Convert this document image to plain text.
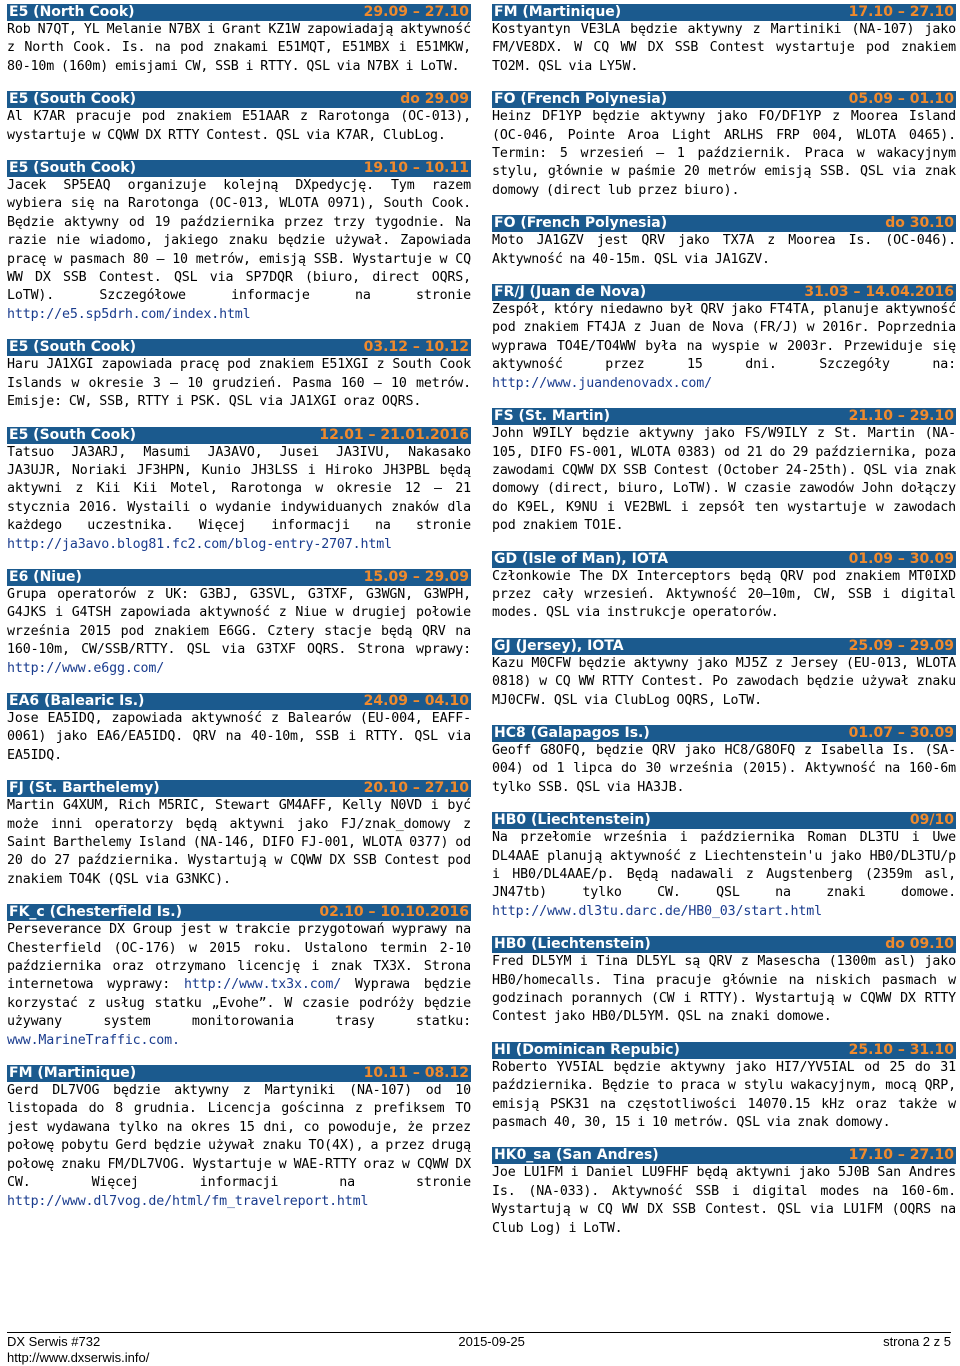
E5 (North Cook)	29.09 – 27.10
Rob N7QT, YL Melanie N7BX i Grant KZ1W zapowiadają aktywność z North Cook. Is. na pod znakami E51MQT, E51MBX i E51MKW, 80-10m (160m) emisjami CW, SSB i RTTY. QSL via N7BX i LoTW.
E5 (South Cook)	do 29.09
Al K7AR pracuje pod znakiem E51AAR z Rarotonga (OC-013), wystartuje w CQWW DX RTTY Contest. QSL via K7AR, ClubLog.
E5 (South Cook)	19.10 – 10.11
Jacek SP5EAQ organizuje kolejną DXpedycję. Tym razem wybiera się na Rarotonga (OC-013, WLOTA 0971), South Cook. Będzie aktywny od 19 października przez trzy tygodnie. Na razie nie wiadomo, jakiego znaku będzie używał. Zapowiada pracę w pasmach 80 – 10 metrów, emisją SSB. Wystartuje w CQ WW DX SSB Contest. QSL via SP7DQR (biuro, direct OQRS, LoTW). Szczegółowe informacje na stronie http://e5.sp5drh.com/index.html
E5 (South Cook)	03.12 – 10.12
Haru JA1XGI zapowiada pracę pod znakiem E51XGI z South Cook Islands w okresie 3 – 10 grudzień. Pasma 160 – 10 metrów. Emisje: CW, SSB, RTTY i PSK. QSL via JA1XGI oraz OQRS.
E5 (South Cook)	12.01 – 21.01.2016
Tatsuo JA3ARJ, Masumi JA3AVO, Jusei JA3IVU, Nakasako JA3UJR, Noriaki JF3HPN, Kunio JH3LSS i Hiroko JH3PBL będą aktywni z Kii Kii Motel, Rarotonga w okresie 12 – 21 stycznia 2016. Wystaili o wydanie indywiduanych znaków dla każdego uczestnika. Więcej informacji na stronie http://ja3avo.blog81.fc2.com/blog-entry-2707.html
E6 (Niue)	15.09 – 29.09
Grupa operatorów z UK: G3BJ, G3SVL, G3TXF, G3WGN, G3WPH, G4JKS i G4TSH zapowiada aktywność z Niue w drugiej połowie września 2015 pod znakiem E6GG. Cztery stacje będą QRV na 160-10m, CW/SSB/RTTY. QSL via G3TXF OQRS. Strona wprawy: http://www.e6gg.com/
EA6 (Balearic Is.)	24.09 – 04.10
Jose EA5IDQ, zapowiada aktywność z Balearów (EU-004, EAFF-0061) jako EA6/EA5IDQ. QRV na 40-10m, SSB i RTTY. QSL via EA5IDQ.
FJ (St. Barthelemy)	20.10 – 27.10
Martin G4XUM, Rich M5RIC, Stewart GM4AFF, Kelly N0VD i być może inni operatorzy będą aktywni jako FJ/znak_domowy z Saint Barthelemy Island (NA-146, DIFO FJ-001, WLOTA 0377) od 20 do 27 października. Wystartują w CQWW DX SSB Contest pod znakiem TO4K (QSL via G3NKC).
FK_c (Chesterfield Is.)	02.10 – 10.10.2016
Perseverance DX Group jest w trakcie przygotowań wyprawy na Chesterfield (OC-176) w 2015 roku. Ustalono termin 2-10 października oraz otrzymano licencję i znak TX3X. Strona internetowa wyprawy: http://www.tx3x.com/ Wyprawa będzie korzystać z usług statku „Evohe”. W czasie podróży będzie używany system monitorowania trasy statku: www.MarineTraffic.com.
FM (Martinique)	10.11 – 08.12
Gerd DL7VOG będzie aktywny z Martyniki (NA-107) od 10 listopada do 8 grudnia. Licencja gościnna z prefiksem TO jest wydawana tylko na okres 15 dni, co powoduje, że przez połowę pobytu Gerd będzie używał znaku TO(4X), a przez drugą połowę znaku FM/DL7VOG. Wystartuje w WAE-RTTY oraz w CQWW DX CW. Więcej informacji na stronie http://www.dl7vog.de/html/fm_travelreport.html
FM (Martinique)	17.10 – 27.10
Kostyantyn VE3LA będzie aktywny z Martiniki (NA-107) jako FM/VE8DX. W CQ WW DX SSB Contest wystartuje pod znakiem TO2M. QSL via LY5W.
FO (French Polynesia)	05.09 – 01.10
Heinz DF1YP będzie aktywny jako FO/DF1YP z Moorea Island (OC-046, Pointe Aroa Light ARLHS FRP 004, WLOTA 0465). Termin: 5 wrzesień – 1 październik. Praca w wakacyjnym stylu, głównie w paśmie 20 metrów emisją SSB. QSL via znak domowy (direct lub przez biuro).
FO (French Polynesia)	do 30.10
Moto JA1GZV jest QRV jako TX7A z Moorea Is. (OC-046). Aktywność na 40-15m. QSL via JA1GZV.
FR/J (Juan de Nova)	31.03 – 14.04.2016
Zespół, który niedawno był QRV jako FT4TA, planuje aktywność pod znakiem FT4JA z Juan de Nova (FR/J) w 2016r. Poprzednia wyprawa TO4E/TO4WW była na wyspie w 2003r. Przewiduje się aktywność przez 15 dni. Szczegóły na: http://www.juandenovadx.com/
FS (St. Martin)	21.10 – 29.10
John W9ILY będzie aktywny jako FS/W9ILY z St. Martin (NA-105, DIFO FS-001, WLOTA 0383) od 21 do 29 października, poza zawodami CQWW DX SSB Contest (October 24-25th). QSL via znak domowy (direct, biuro, LoTW). W czasie zawodów John dołączy do K9EL, K9NU i VE2BWL i zepsół ten wystartuje w zawodach pod znakiem TO1E.
GD (Isle of Man), IOTA	01.09 – 30.09
Członkowie The DX Interceptors będą QRV pod znakiem MT0IXD przez cały wrzesień. Aktywność 20–10m, CW, SSB i digital modes. QSL via instrukcje operatorów.
GJ (Jersey), IOTA	25.09 – 29.09
Kazu M0CFW będzie aktywny jako MJ5Z z Jersey (EU-013, WLOTA 0818) w CQ WW RTTY Contest. Po zawodach będzie używał znaku MJ0CFW. QSL via ClubLog OQRS, LoTW.
HC8 (Galapagos Is.)	01.07 – 30.09
Geoff G8OFQ, będzie QRV jako HC8/G8OFQ z Isabella Is. (SA-004) od 1 lipca do 30 września (2015). Aktywność na 160-6m tylko SSB. QSL via HA3JB.
HB0 (Liechtenstein)	09/10
Na przełomie września i października Roman DL3TU i Uwe DL4AAE planują aktywność z Liechtenstein'u jako HB0/DL3TU/p i HB0/DL4AAE/p. Będą nadawali z Augstenberg (2359m asl, JN47tb) tylko CW. QSL na znaki domowe. http://www.dl3tu.darc.de/HB0_03/start.html
HB0 (Liechtenstein)	do 09.10
Fred DL5YM i Tina DL5YL są QRV z Masescha (1300m asl) jako HB0/homecalls. Tina pracuje głównie na niskich pasmach w godzinach porannych (CW i RTTY). Wystartują w CQWW DX RTTY Contest jako HB0/DL5YM. QSL na znaki domowe.
HI (Dominican Repubic)	25.10 – 31.10
Roberto YV5IAL będzie aktywny jako HI7/YV5IAL od 25 do 31 października. Będzie to praca w stylu wakacyjnym, mocą QRP, emisją PSK31 na częstotliwości 14070.15 kHz oraz także w pasmach 40, 30, 15 i 10 metrów. QSL via znak domowy.
HK0_sa (San Andres)	17.10 – 27.10
Joe LU1FM i Daniel LU9FHF będą aktywni jako 5J0B San Andres Is. (NA-033). Aktywność SSB i digital modes na 160-6m. Wystartują w CQ WW DX SSB Contest. QSL via LU1FM (OQRS na Club Log) i LoTW.
DX Serwis #732	2015-09-25	strona 2 z 5
http://www.dxserwis.info/
